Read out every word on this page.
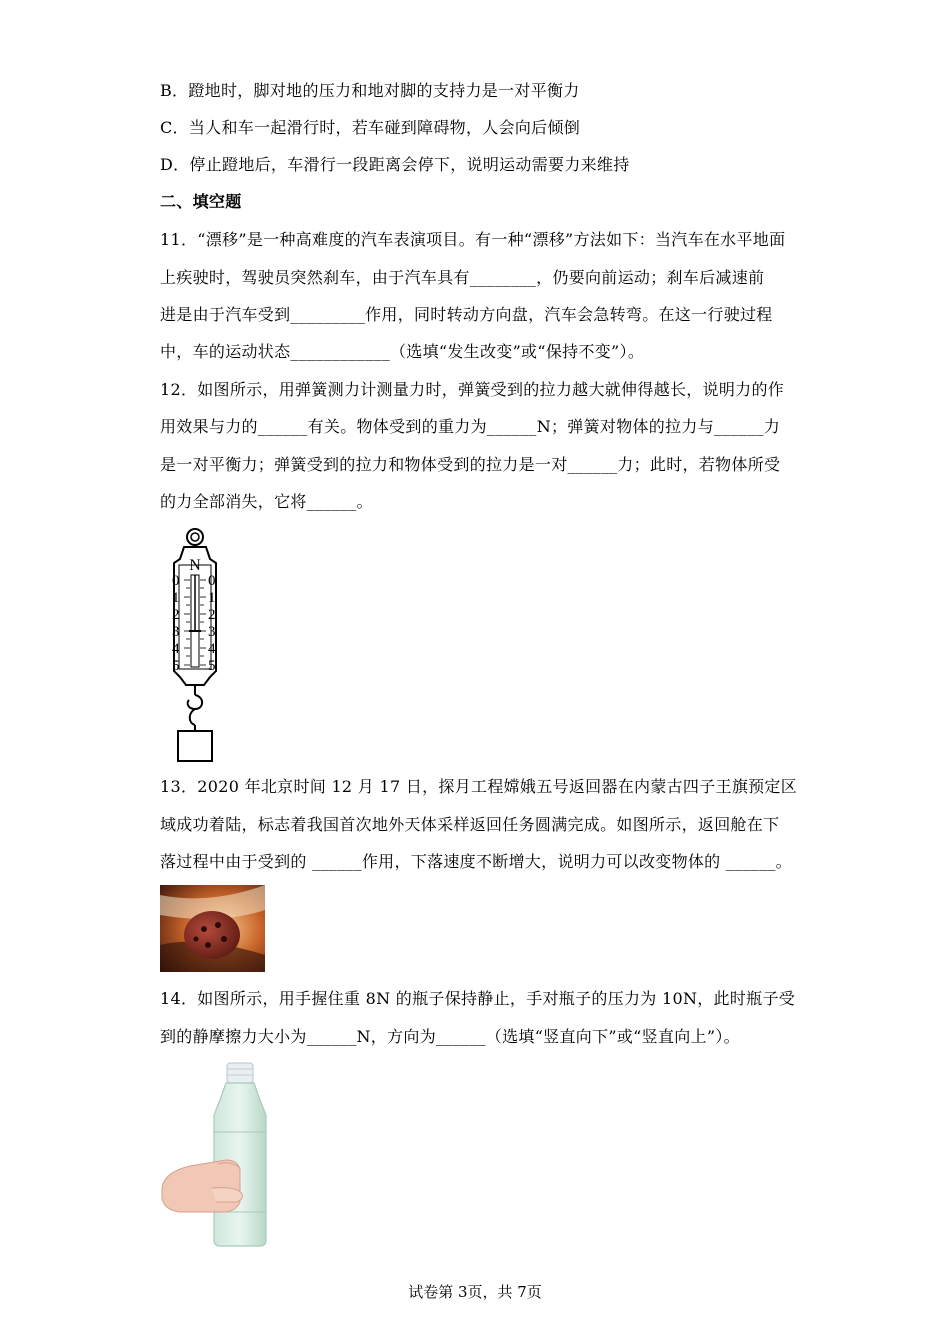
B．蹬地时，脚对地的压力和地对脚的支持力是一对平衡力
C．当人和车一起滑行时，若车碰到障碍物，人会向后倾倒
D．停止蹬地后，车滑行一段距离会停下，说明运动需要力来维持
二、填空题
11．“漂移”是一种高难度的汽车表演项目。有一种“漂移”方法如下：当汽车在水平地面
上疾驶时，驾驶员突然刹车，由于汽车具有________，仍要向前运动；刹车后减速前
进是由于汽车受到_________作用，同时转动方向盘，汽车会急转弯。在这一行驶过程
中，车的运动状态____________（选填“发生改变”或“保持不变”）。
12．如图所示，用弹簧测力计测量力时，弹簧受到的拉力越大就伸得越长，说明力的作
用效果与力的______有关。物体受到的重力为______N；弹簧对物体的拉力与______力
是一对平衡力；弹簧受到的拉力和物体受到的拉力是一对______力；此时，若物体所受
的力全部消失，它将______。
N
0 0
1 1
2 2
3 3
4 4
5 5
13．2020 年北京时间 12 月 17 日，探月工程嫦娥五号返回器在内蒙古四子王旗预定区
域成功着陆，标志着我国首次地外天体采样返回任务圆满完成。如图所示，返回舱在下
落过程中由于受到的 ______作用，下落速度不断增大，说明力可以改变物体的 ______。
14．如图所示，用手握住重 8N 的瓶子保持静止，手对瓶子的压力为 10N，此时瓶子受
到的静摩擦力大小为______N，方向为______（选填“竖直向下”或“竖直向上”）。
试卷第 3页，共 7页
